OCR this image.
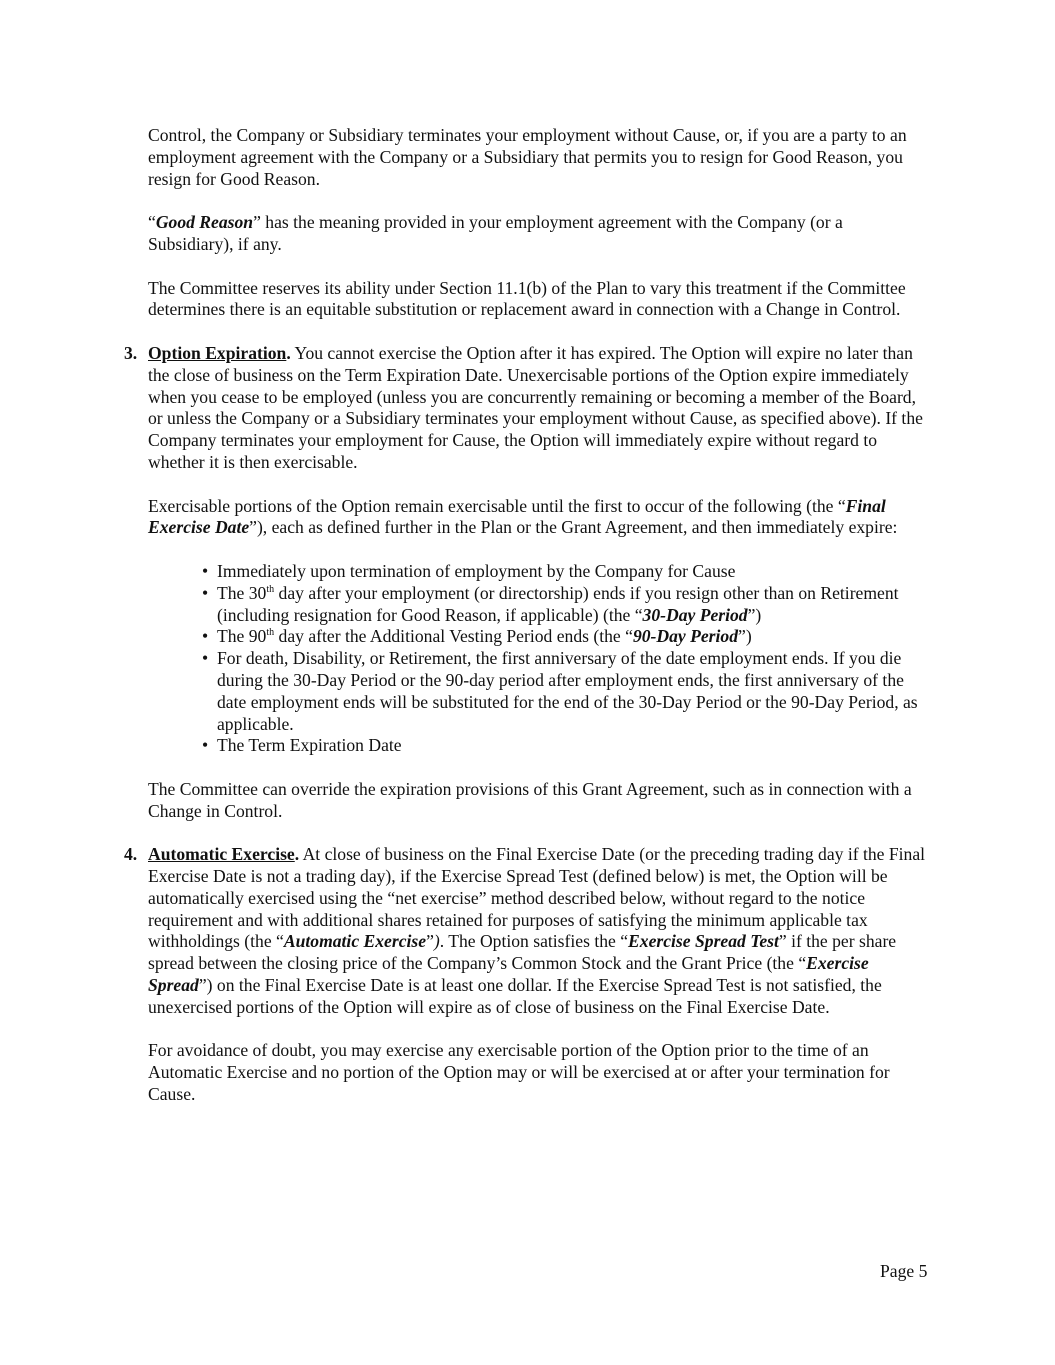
Control, the Company or Subsidiary terminates your employment without Cause, or, if you are a party to an employment agreement with the Company or a Subsidiary that permits you to resign for Good Reason, you resign for Good Reason.

“Good Reason” has the meaning provided in your employment agreement with the Company (or a Subsidiary), if any.

The Committee reserves its ability under Section 11.1(b) of the Plan to vary this treatment if the Committee determines there is an equitable substitution or replacement award in connection with a Change in Control.

3. Option Expiration. You cannot exercise the Option after it has expired. The Option will expire no later than the close of business on the Term Expiration Date. Unexercisable portions of the Option expire immediately when you cease to be employed (unless you are concurrently remaining or becoming a member of the Board, or unless the Company or a Subsidiary terminates your employment without Cause, as specified above). If the Company terminates your employment for Cause, the Option will immediately expire without regard to whether it is then exercisable.

Exercisable portions of the Option remain exercisable until the first to occur of the following (the “Final Exercise Date”), each as defined further in the Plan or the Grant Agreement, and then immediately expire:

• Immediately upon termination of employment by the Company for Cause
• The 30th day after your employment (or directorship) ends if you resign other than on Retirement (including resignation for Good Reason, if applicable) (the “30-Day Period”)
• The 90th day after the Additional Vesting Period ends (the “90-Day Period”)
• For death, Disability, or Retirement, the first anniversary of the date employment ends. If you die during the 30-Day Period or the 90-day period after employment ends, the first anniversary of the date employment ends will be substituted for the end of the 30-Day Period or the 90-Day Period, as applicable.
• The Term Expiration Date

The Committee can override the expiration provisions of this Grant Agreement, such as in connection with a Change in Control.

4. Automatic Exercise. At close of business on the Final Exercise Date (or the preceding trading day if the Final Exercise Date is not a trading day), if the Exercise Spread Test (defined below) is met, the Option will be automatically exercised using the “net exercise” method described below, without regard to the notice requirement and with additional shares retained for purposes of satisfying the minimum applicable tax withholdings (the “Automatic Exercise”). The Option satisfies the “Exercise Spread Test” if the per share spread between the closing price of the Company’s Common Stock and the Grant Price (the “Exercise Spread”) on the Final Exercise Date is at least one dollar. If the Exercise Spread Test is not satisfied, the unexercised portions of the Option will expire as of close of business on the Final Exercise Date.

For avoidance of doubt, you may exercise any exercisable portion of the Option prior to the time of an Automatic Exercise and no portion of the Option may or will be exercised at or after your termination for Cause.

Page 5
